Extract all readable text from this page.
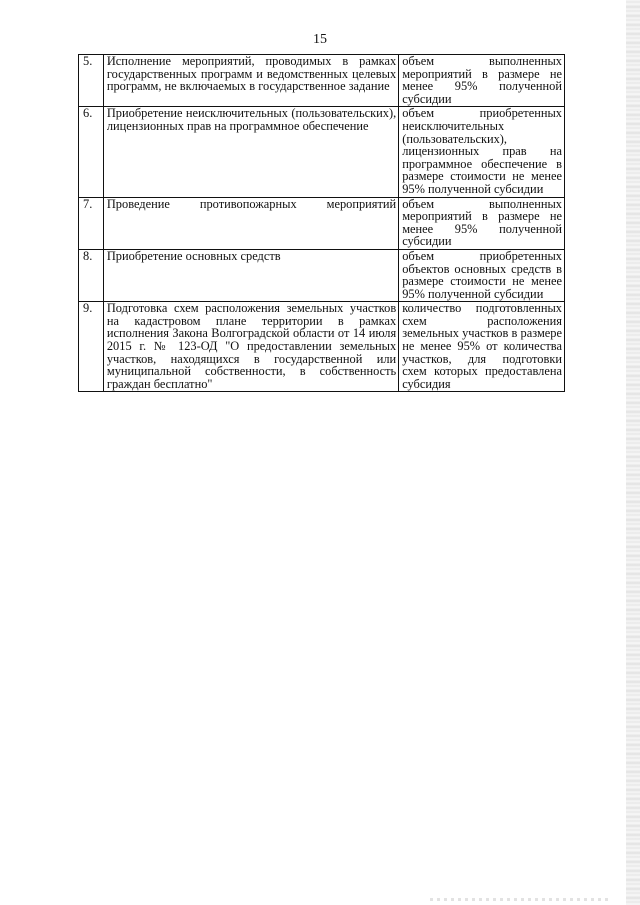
15
5.	Исполнение мероприятий, проводимых в рамках государственных программ и ведомственных целевых программ, не включаемых в государственное задание	объем выполненных мероприятий в размере не менее 95% полученной субсидии
6.	Приобретение неисключительных (пользовательских), лицензионных прав на программное обеспечение	объем приобретенных неисключительных (пользовательских), лицензионных прав на программное обеспечение в размере стоимости не менее 95% полученной субсидии
7.	Проведение противопожарных мероприятий	объем выполненных мероприятий в размере не менее 95% полученной субсидии
8.	Приобретение основных средств	объем приобретенных объектов основных средств в размере стоимости не менее 95% полученной субсидии
9.	Подготовка схем расположения земельных участков на кадастровом плане территории в рамках исполнения Закона Волгоградской области от 14 июля 2015 г. № 123-ОД "О предоставлении земельных участков, находящихся в государственной или муниципальной собственности, в собственность граждан бесплатно"	количество подготовленных схем расположения земельных участков в размере не менее 95% от количества участков, для подготовки схем которых предоставлена субсидия
